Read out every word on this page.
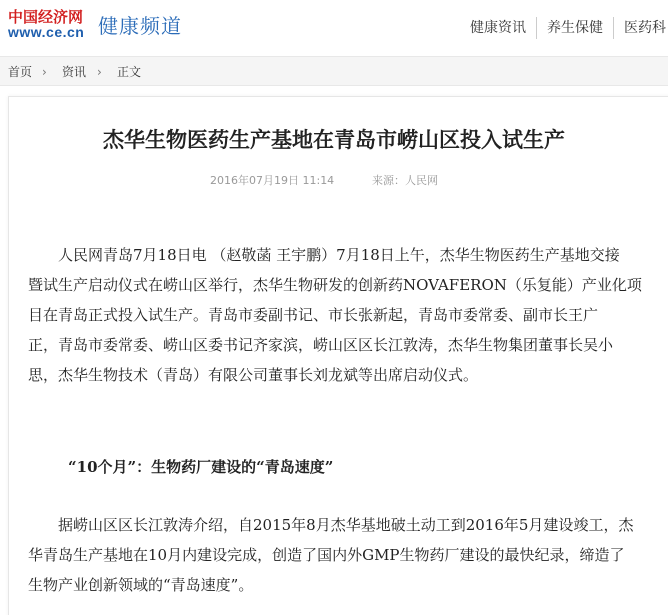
中国经济网
www.ce.cn 健康频道	健康资讯	养生保健	医药科
首页 › 资讯 › 正文
杰华生物医药生产基地在青岛市崂山区投入试生产
2016年07月19日 11:14	来源：人民网
人民网青岛7月18日电 （赵敬菡 王宇鹏）7月18日上午，杰华生物医药生产基地交接
暨试生产启动仪式在崂山区举行，杰华生物研发的创新药NOVAFERON（乐复能）产业化项
目在青岛正式投入试生产。青岛市委副书记、市长张新起，青岛市委常委、副市长王广
正，青岛市委常委、崂山区委书记齐家滨，崂山区区长江敦涛，杰华生物集团董事长吴小
思，杰华生物技术（青岛）有限公司董事长刘龙斌等出席启动仪式。
“10个月”：生物药厂建设的“青岛速度”
据崂山区区长江敦涛介绍，自2015年8月杰华基地破土动工到2016年5月建设竣工，杰
华青岛生产基地在10月内建设完成，创造了国内外GMP生物药厂建设的最快纪录，缔造了
生物产业创新领域的“青岛速度”。
